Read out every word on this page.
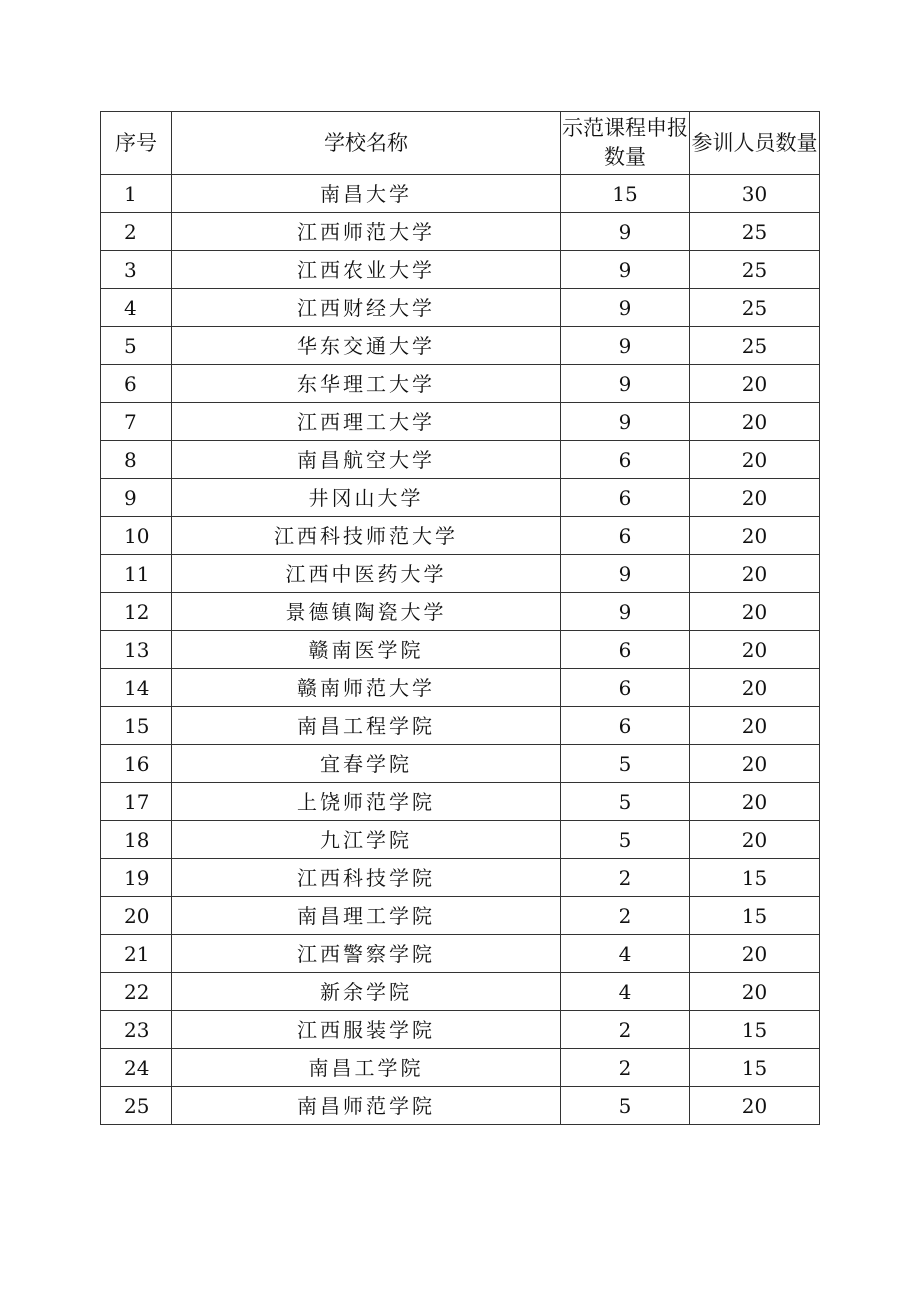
序号	学校名称	示范课程申报数量	参训人员数量
1	南昌大学	15	30
2	江西师范大学	9	25
3	江西农业大学	9	25
4	江西财经大学	9	25
5	华东交通大学	9	25
6	东华理工大学	9	20
7	江西理工大学	9	20
8	南昌航空大学	6	20
9	井冈山大学	6	20
10	江西科技师范大学	6	20
11	江西中医药大学	9	20
12	景德镇陶瓷大学	9	20
13	赣南医学院	6	20
14	赣南师范大学	6	20
15	南昌工程学院	6	20
16	宜春学院	5	20
17	上饶师范学院	5	20
18	九江学院	5	20
19	江西科技学院	2	15
20	南昌理工学院	2	15
21	江西警察学院	4	20
22	新余学院	4	20
23	江西服装学院	2	15
24	南昌工学院	2	15
25	南昌师范学院	5	20
